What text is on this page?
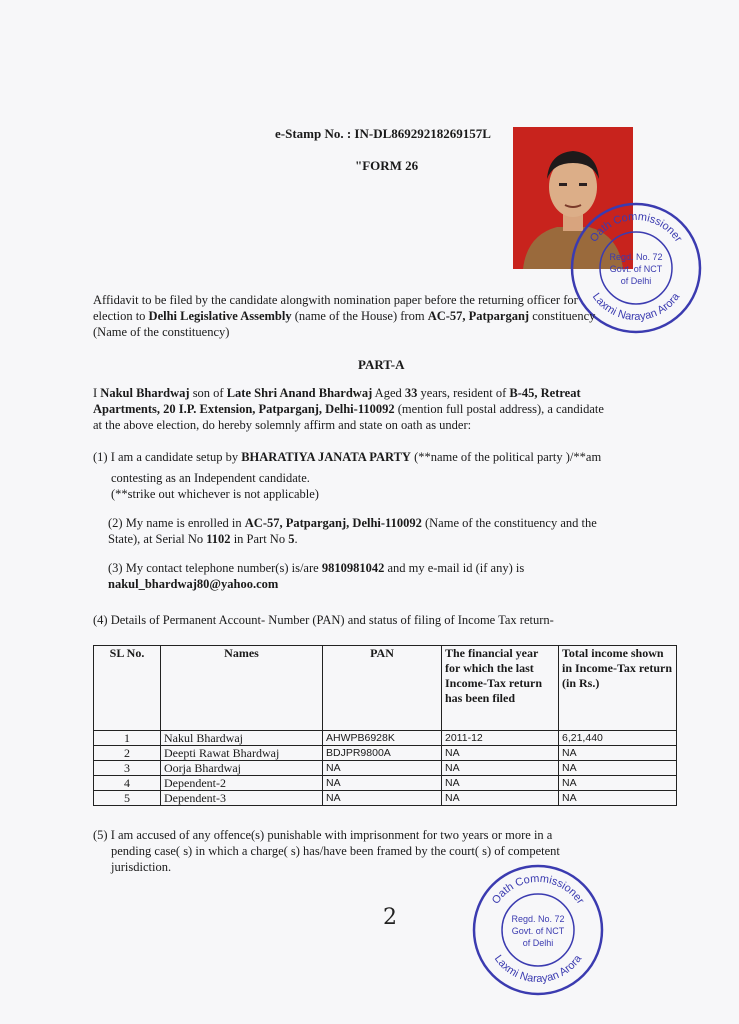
e-Stamp No. : IN-DL86929218269157L
"FORM 26
Oath Commissioner
Laxmi Narayan Arora
Regd. No. 72
Govt. of NCT
of Delhi
Affidavit to be filed by the candidate alongwith nomination paper before the returning officer for
election to Delhi Legislative Assembly (name of the House) from AC-57, Patparganj constituency
(Name of the constituency)
PART-A
I Nakul Bhardwaj son of Late Shri Anand Bhardwaj Aged 33 years, resident of B-45, Retreat
Apartments, 20 I.P. Extension, Patparganj, Delhi-110092 (mention full postal address), a candidate
at the above election, do hereby solemnly affirm and state on oath as under:
(1) I am a candidate setup by BHARATIYA JANATA PARTY (**name of the political party )/**am
contesting as an Independent candidate.
(**strike out whichever is not applicable)
(2) My name is enrolled in AC-57, Patparganj, Delhi-110092 (Name of the constituency and the
State), at Serial No 1102 in Part No 5.
(3) My contact telephone number(s) is/are 9810981042 and my e-mail id (if any) is
nakul_bhardwaj80@yahoo.com
(4) Details of Permanent Account- Number (PAN) and status of filing of Income Tax return-
SL No.	Names	PAN	The financial year for which the last Income-Tax return has been filed	Total income shown in Income-Tax return (in Rs.)
1	Nakul Bhardwaj	AHWPB6928K	2011-12	6,21,440
2	Deepti Rawat Bhardwaj	BDJPR9800A	NA	NA
3	Oorja Bhardwaj	NA	NA	NA
4	Dependent-2	NA	NA	NA
5	Dependent-3	NA	NA	NA
(5) I am accused of any offence(s) punishable with imprisonment for two years or more in a
pending case( s) in which a charge( s) has/have been framed by the court( s) of competent
jurisdiction.
2
Oath Commissioner
Laxmi Narayan Arora
Regd. No. 72
Govt. of NCT
of Delhi
